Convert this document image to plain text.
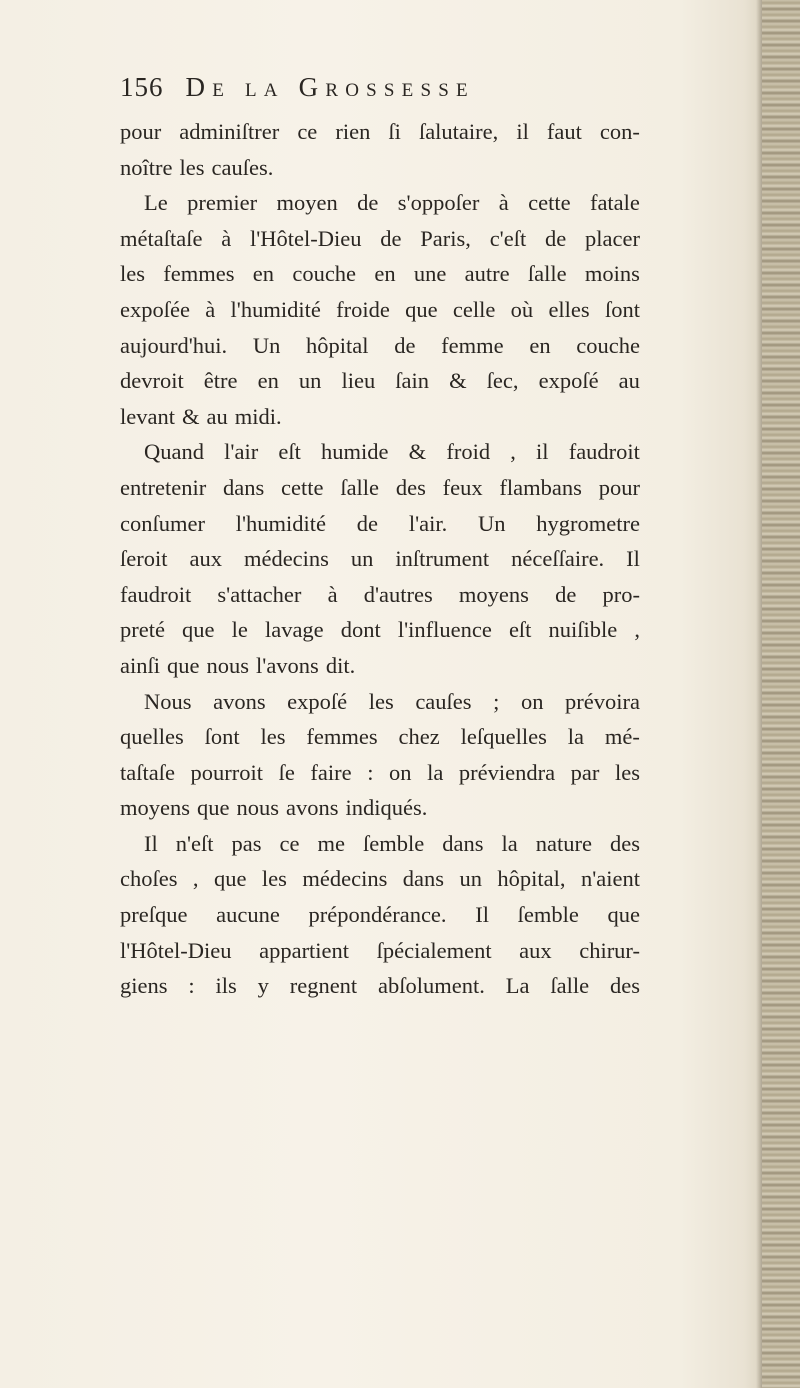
156 De la Grossesse
pour adminiſtrer ce rien ſi ſalutaire, il faut con-
noître les cauſes.
Le premier moyen de s'oppoſer à cette fatale
métaſtaſe à l'Hôtel-Dieu de Paris, c'eſt de placer
les femmes en couche en une autre ſalle moins
expoſée à l'humidité froide que celle où elles ſont
aujourd'hui. Un hôpital de femme en couche
devroit être en un lieu ſain & ſec, expoſé au
levant & au midi.
Quand l'air eſt humide & froid , il faudroit
entretenir dans cette ſalle des feux flambans pour
conſumer l'humidité de l'air. Un hygrometre
ſeroit aux médecins un inſtrument néceſſaire. Il
faudroit s'attacher à d'autres moyens de pro-
preté que le lavage dont l'influence eſt nuiſible ,
ainſi que nous l'avons dit.
Nous avons expoſé les cauſes ; on prévoira
quelles ſont les femmes chez leſquelles la mé-
taſtaſe pourroit ſe faire : on la préviendra par les
moyens que nous avons indiqués.
Il n'eſt pas ce me ſemble dans la nature des
choſes , que les médecins dans un hôpital, n'aient
preſque aucune prépondérance. Il ſemble que
l'Hôtel-Dieu appartient ſpécialement aux chirur-
giens : ils y regnent abſolument. La ſalle des
